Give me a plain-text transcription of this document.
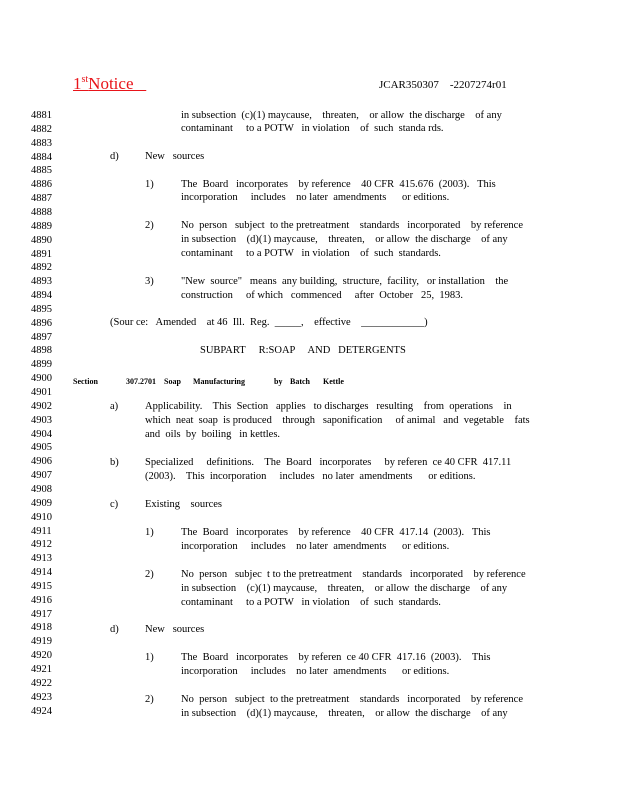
1stNotice	JCAR350307    -2207274r01
4881
4882
4883
4884
4885
4886
4887
4888
4889
4890
4891
4892
4893
4894
4895
4896
4897
4898
4899
4900
4901
4902
4903
4904
4905
4906
4907
4908
4909
4910
4911
4912
4913
4914
4915
4916
4917
4918
4919
4920
4921
4922
4923
4924
in subsection  (c)(1) maycause,    threaten,    or allow  the discharge    of any
contaminant     to a POTW   in violation    of  such  standa rds.
d)	New   sources
1)	The  Board   incorporates    by reference    40 CFR  415.676  (2003).   This
incorporation     includes    no later  amendments      or editions.
2)	No  person   subject  to the pretreatment    standards   incorporated    by reference
in subsection    (d)(1) maycause,    threaten,    or allow  the discharge    of any
contaminant     to a POTW   in violation    of  such  standards.
3)	"New  source"   means  any building,  structure,  facility,   or installation    the
construction     of which   commenced     after  October   25,  1983.
(Sour ce:   Amended    at 46  Ill.  Reg. _____,    effective ____________)
SUBPART     R:SOAP     AND   DETERGENTS
Section	307.2701 Soap Manufacturing	by Batch Kettle
a)	Applicability.    This  Section   applies   to discharges   resulting    from  operations    in
which  neat  soap  is produced    through   saponification     of animal   and  vegetable    fats
and  oils  by  boiling   in kettles.
b)	Specialized     definitions.    The  Board   incorporates     by referen  ce 40 CFR  417.11
(2003).    This  incorporation     includes   no later  amendments      or editions.
c)	Existing    sources
1)	The  Board   incorporates    by reference    40 CFR  417.14  (2003).   This
incorporation     includes    no later  amendments      or editions.
2)	No  person   subjec  t to the pretreatment    standards   incorporated    by reference
in subsection    (c)(1) maycause,    threaten,    or allow  the discharge    of any
contaminant     to a POTW   in violation    of  such  standards.
d)	New   sources
1)	The  Board   incorporates    by referen  ce 40 CFR  417.16  (2003).    This
incorporation     includes    no later  amendments      or editions.
2)	No  person   subject  to the pretreatment    standards   incorporated    by reference
in subsection    (d)(1) maycause,    threaten,    or allow  the discharge    of any
